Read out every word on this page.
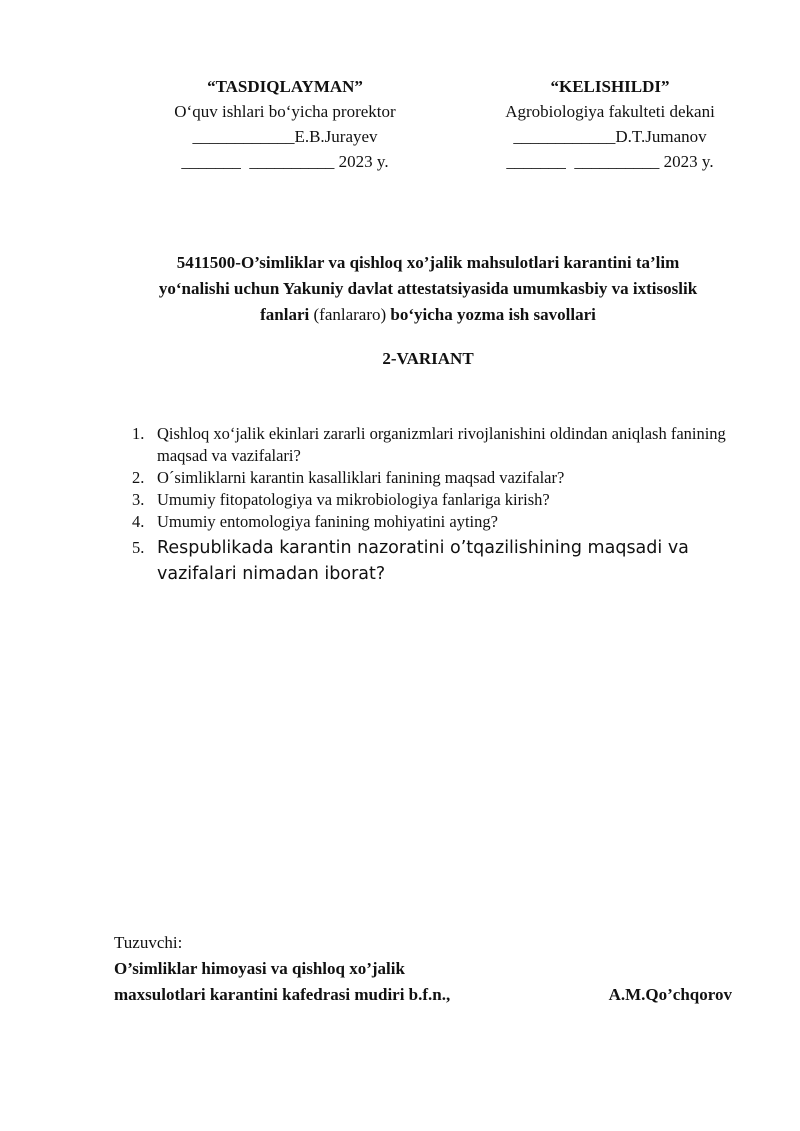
“TASDIQLAYMAN”
O‘quv ishlari bo‘yicha prorektor
____________E.B.Jurayev
_______  __________ 2023 y.
“KELISHILDI”
Agrobiologiya fakulteti dekani
____________D.T.Jumanov
_______  __________ 2023 y.
5411500-O’simliklar va qishloq xo’jalik mahsulotlari karantini ta’lim
yo‘nalishi uchun Yakuniy davlat attestatsiyasida umumkasbiy va ixtisoslik
fanlari (fanlararo) bo‘yicha yozma ish savollari
2-VARIANT
1. Qishloq xo‘jalik ekinlari zararli organizmlari rivojlanishini oldindan aniqlash fanining maqsad va vazifalari?
2. O´simliklarni karantin kasalliklari fanining maqsad vazifalar?
3. Umumiy fitopatologiya va mikrobiologiya fanlariga kirish?
4. Umumiy entomologiya fanining mohiyatini ayting?
5. Respublikada karantin nazoratini o’tqazilishining maqsadi va vazifalari nimadan iborat?
Tuzuvchi:
O’simliklar himoyasi va qishloq xo’jalik
maxsulotlari karantini kafedrasi mudiri b.f.n.,	A.M.Qo’chqorov
